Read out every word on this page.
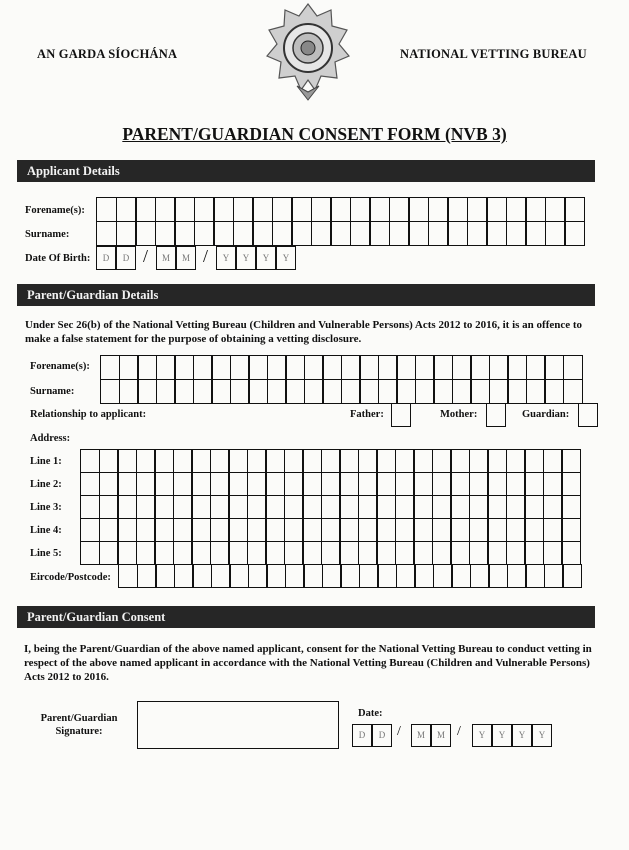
AN GARDA SÍOCHÁNA	NATIONAL VETTING BUREAU
PARENT/GUARDIAN CONSENT FORM (NVB 3)
Applicant Details
Forename(s):
Surname:
Date Of Birth:	D	D /	M	M /	Y	Y	Y	Y
Parent/Guardian Details
Under Sec 26(b) of the National Vetting Bureau (Children and Vulnerable Persons) Acts 2012 to 2016, it is an offence to make a false statement for the purpose of obtaining a vetting disclosure.
Forename(s):
Surname:
Relationship to applicant:	Father:	Mother:	Guardian:
Address:
Line 1:
Line 2:
Line 3:
Line 4:
Line 5:
Eircode/Postcode:
Parent/Guardian Consent
I, being the Parent/Guardian of the above named applicant, consent for the National Vetting Bureau to conduct vetting in respect of the above named applicant in accordance with the National Vetting Bureau (Children and Vulnerable Persons) Acts 2012 to 2016.
Parent/Guardian
Signature:
Date:
D	D /	M	M /	Y	Y	Y	Y
